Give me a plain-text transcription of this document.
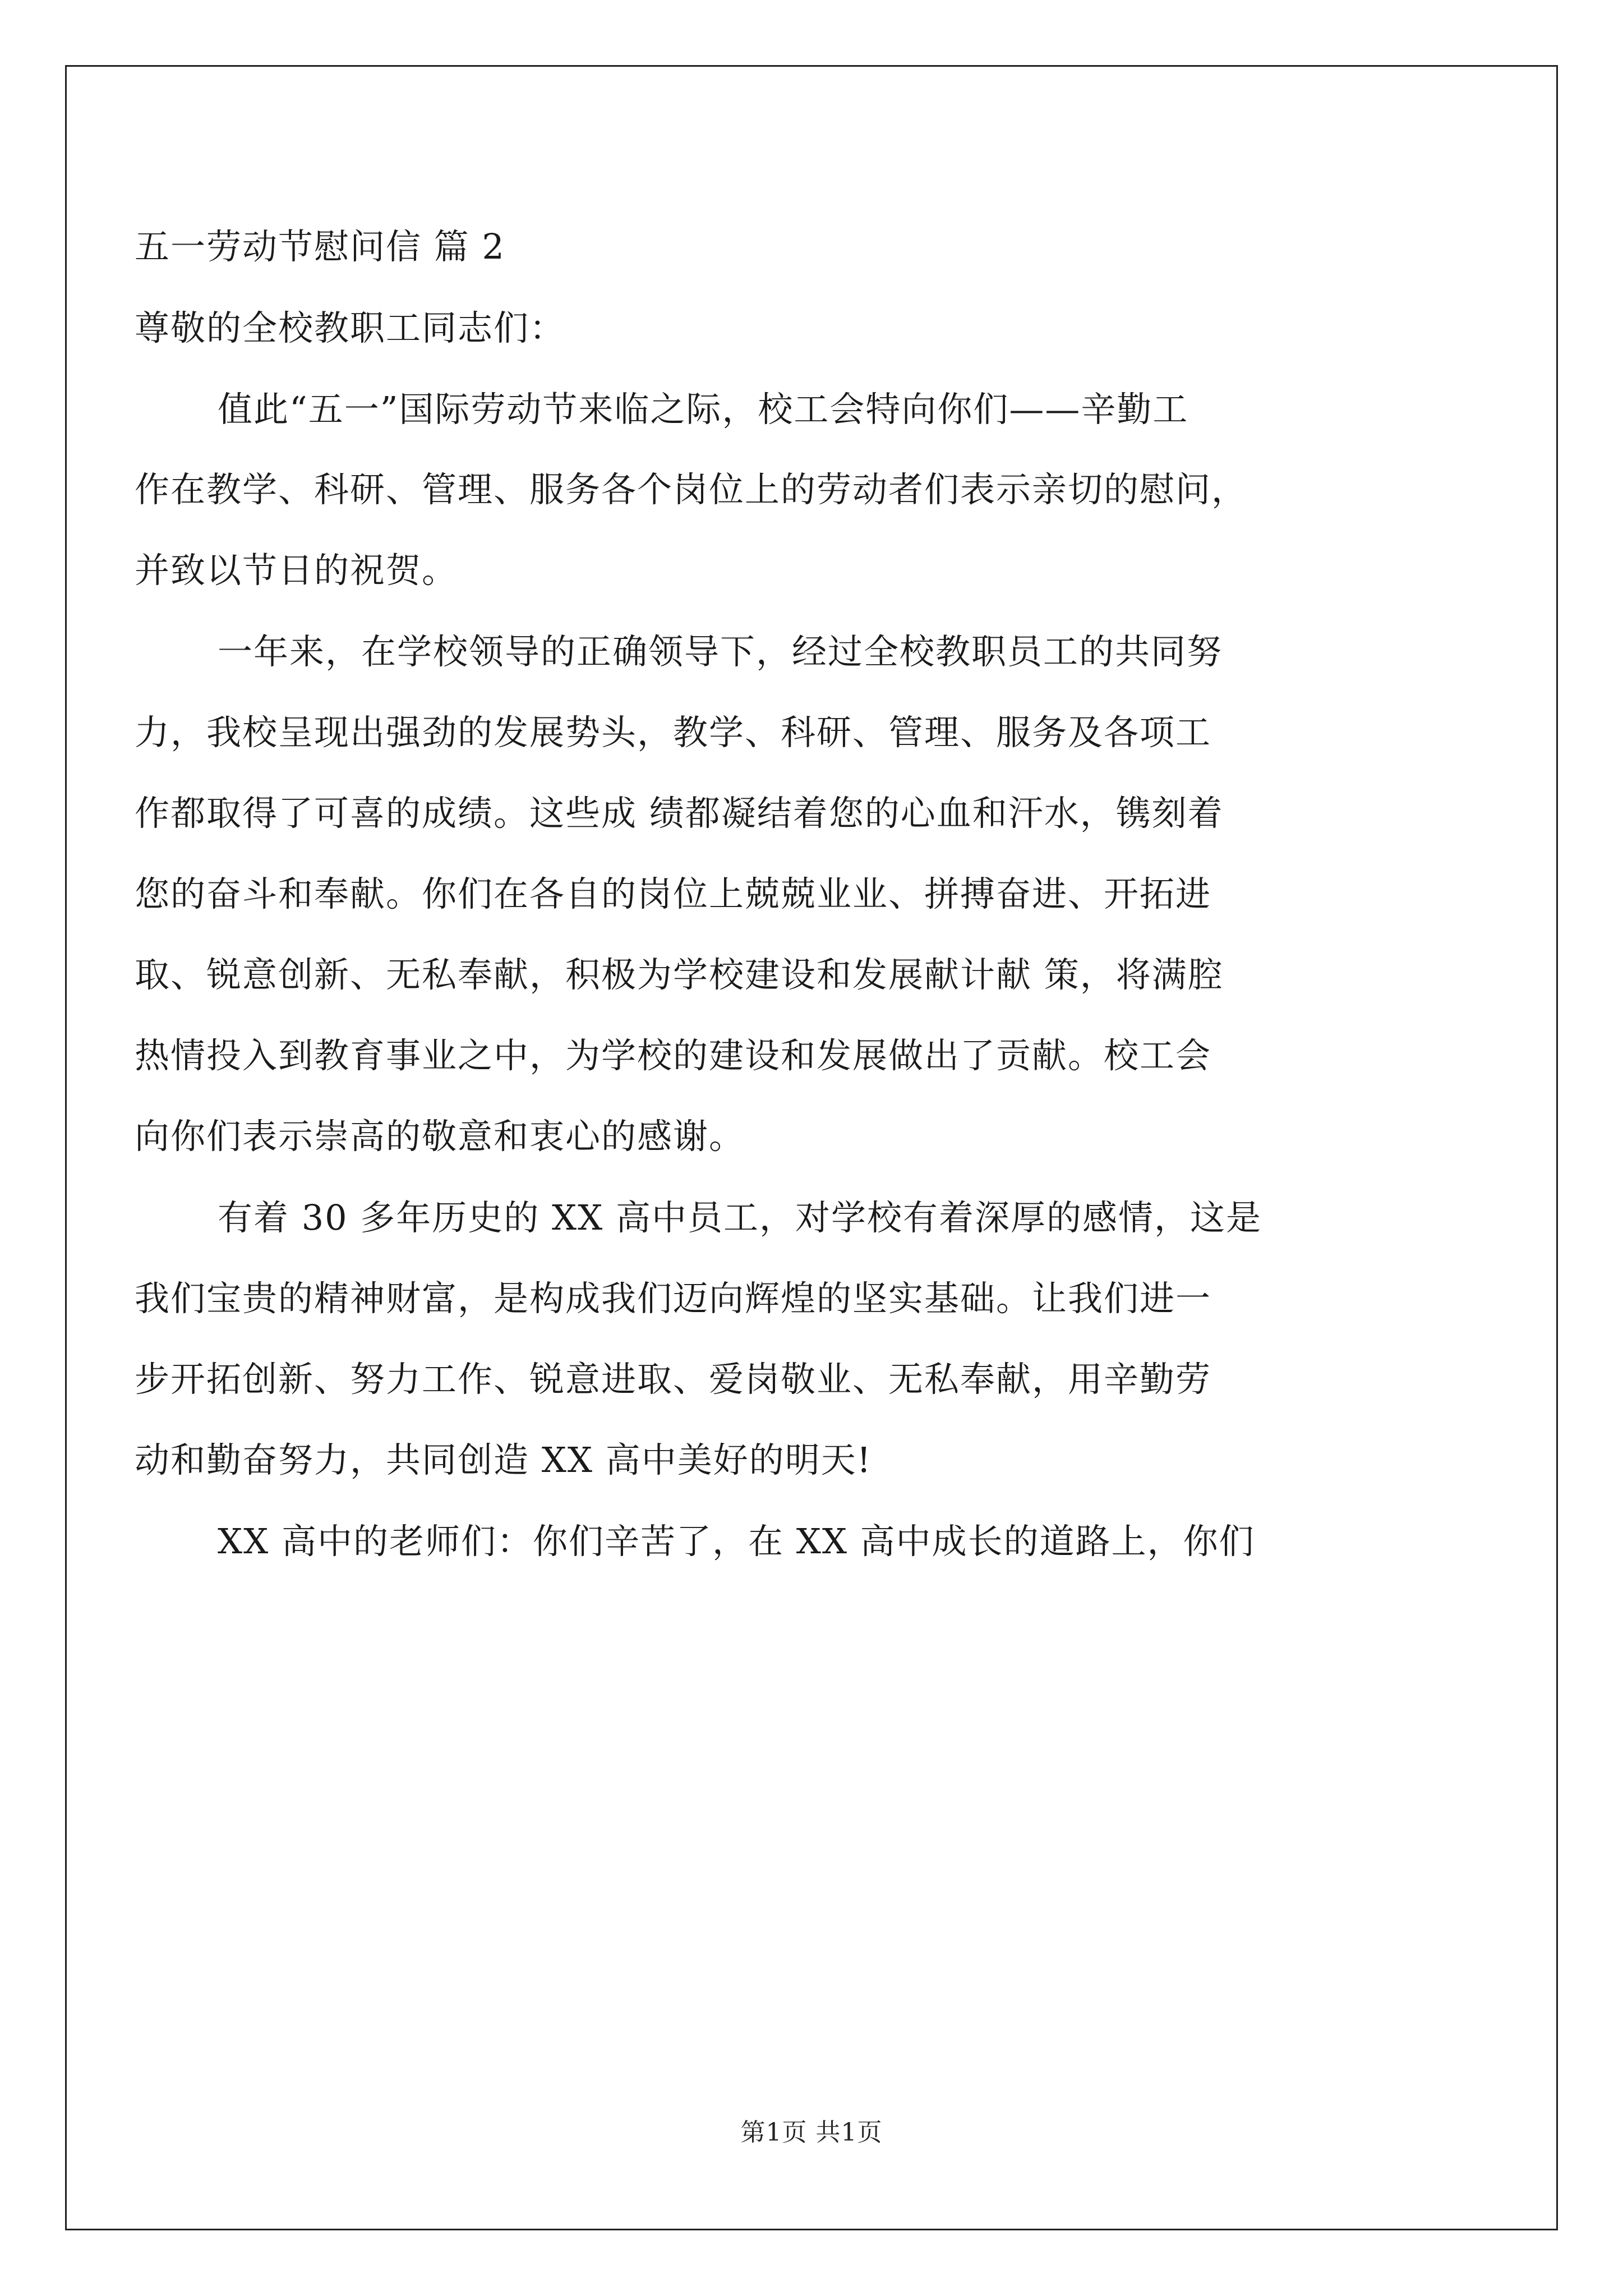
五一劳动节慰问信 篇 2
尊敬的全校教职工同志们：
值此“五一”国际劳动节来临之际，校工会特向你们——辛勤工
作在教学、科研、管理、服务各个岗位上的劳动者们表示亲切的慰问，
并致以节日的祝贺。
一年来，在学校领导的正确领导下，经过全校教职员工的共同努
力，我校呈现出强劲的发展势头，教学、科研、管理、服务及各项工
作都取得了可喜的成绩。这些成 绩都凝结着您的心血和汗水，镌刻着
您的奋斗和奉献。你们在各自的岗位上兢兢业业、拼搏奋进、开拓进
取、锐意创新、无私奉献，积极为学校建设和发展献计献 策，将满腔
热情投入到教育事业之中，为学校的建设和发展做出了贡献。校工会
向你们表示崇高的敬意和衷心的感谢。
有着 30 多年历史的 XX 高中员工，对学校有着深厚的感情，这是
我们宝贵的精神财富，是构成我们迈向辉煌的坚实基础。让我们进一
步开拓创新、努力工作、锐意进取、爱岗敬业、无私奉献，用辛勤劳
动和勤奋努力，共同创造 XX 高中美好的明天!
XX 高中的老师们：你们辛苦了，在 XX 高中成长的道路上，你们
第1页 共1页
